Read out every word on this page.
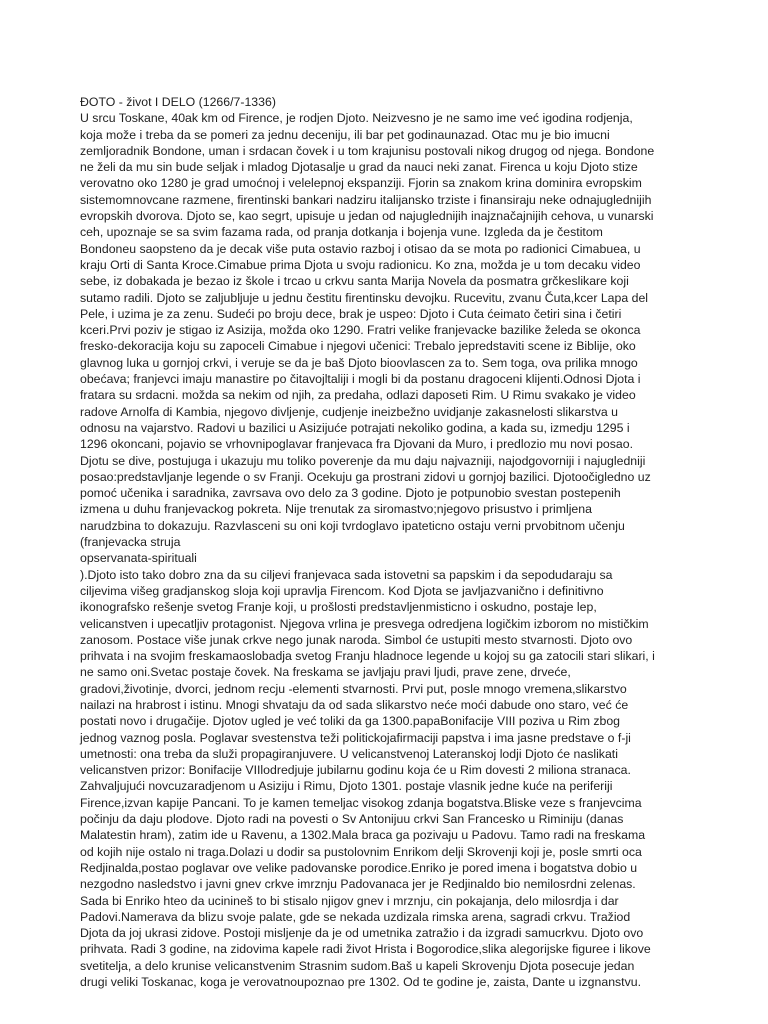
ĐOTO - život I DELO (1266/7-1336)
U srcu Toskane, 40ak km od Firence, je rodjen Djoto. Neizvesno je ne samo ime već igodina rodjenja,
koja može i treba da se pomeri za jednu deceniju, ili bar pet godinaunazad. Otac mu je bio imucni
zemljoradnik Bondone, uman i srdacan čovek i u tom krajunisu postovali nikog drugog od njega. Bondone
ne želi da mu sin bude seljak i mladog Djotasalje u grad da nauci neki zanat. Firenca u koju Djoto stize
verovatno oko 1280 je grad umoćnoj i velelepnoj ekspanziji. Fjorin sa znakom krina dominira evropskim
sistemomnovcane razmene, firentinski bankari nadziru italijansko trziste i finansiraju neke odnajuglednijih
evropskih dvorova. Djoto se, kao segrt, upisuje u jedan od najuglednijih inajznačajnijih cehova, u vunarski
ceh, upoznaje se sa svim fazama rada, od pranja dotkanja i bojenja vune. Izgleda da je čestitom
Bondoneu saopsteno da je decak više puta ostavio razboj i otisao da se mota po radionici Cimabuea, u
kraju Orti di Santa Kroce.Cimabue prima Djota u svoju radionicu. Ko zna, možda je u tom decaku video
sebe, iz dobakada je bezao iz škole i trcao u crkvu santa Marija Novela da posmatra grčkeslikare koji
sutamo radili. Djoto se zaljubljuje u jednu čestitu firentinsku devojku. Rucevitu, zvanu Čuta,kcer Lapa del
Pele, i uzima je za zenu. Sudeći po broju dece, brak je uspeo: Djoto i Cuta ćeimato četiri sina i četiri
kceri.Prvi poziv je stigao iz Asizija, možda oko 1290. Fratri velike franjevacke bazilike želeda se okonca
fresko-dekoracija koju su zapoceli Cimabue i njegovi učenici: Trebalo jepredstaviti scene iz Biblije, oko
glavnog luka u gornjoj crkvi, i veruje se da je baš Djoto bioovlascen za to. Sem toga, ova prilika mnogo
obećava; franjevci imaju manastire po čitavojltaliji i mogli bi da postanu dragoceni klijenti.Odnosi Djota i
fratara su srdacni. možda sa nekim od njih, za predaha, odlazi daposeti Rim. U Rimu svakako je video
radove Arnolfa di Kambia, njegovo divljenje, cudjenje ineizbežno uvidjanje zakasnelosti slikarstva u
odnosu na vajarstvo. Radovi u bazilici u Asizijuće potrajati nekoliko godina, a kada su, izmedju 1295 i
1296 okoncani, pojavio se vrhovnipoglavar franjevaca fra Djovani da Muro, i predlozio mu novi posao.
Djotu se dive, postujuga i ukazuju mu toliko poverenje da mu daju najvazniji, najodgovorniji i najugledniji
posao:predstavljanje legende o sv Franji. Ocekuju ga prostrani zidovi u gornjoj bazilici. Djotoočigledno uz
pomoć učenika i saradnika, zavrsava ovo delo za 3 godine. Djoto je potpunobio svestan postepenih
izmena u duhu franjevackog pokreta. Nije trenutak za siromastvo;njegovo prisustvo i primljena
narudzbina to dokazuju. Razvlasceni su oni koji tvrdoglavo ipateticno ostaju verni prvobitnom učenju
(franjevacka struja
opservanata-spirituali
).Djoto isto tako dobro zna da su ciljevi franjevaca sada istovetni sa papskim i da sepodudaraju sa
ciljevima višeg gradjanskog sloja koji upravlja Firencom. Kod Djota se javljazvanično i definitivno
ikonografsko rešenje svetog Franje koji, u prošlosti predstavljenmisticno i oskudno, postaje lep,
velicanstven i upecatljiv protagonist. Njegova vrlina je presvega odredjena logičkim izborom no mističkim
zanosom. Postace više junak crkve nego junak naroda. Simbol će ustupiti mesto stvarnosti. Djoto ovo
prihvata i na svojim freskamaoslobadja svetog Franju hladnoce legende u kojoj su ga zatocili stari slikari, i
ne samo oni.Svetac postaje čovek. Na freskama se javljaju pravi ljudi, prave zene, drveće,
gradovi,životinje, dvorci, jednom recju -elementi stvarnosti. Prvi put, posle mnogo vremena,slikarstvo
nailazi na hrabrost i istinu. Mnogi shvataju da od sada slikarstvo neće moći dabude ono staro, već će
postati novo i drugačije. Djotov ugled je već toliki da ga 1300.papaBonifacije VIII poziva u Rim zbog
jednog vaznog posla. Poglavar svestenstva teži politickojafirmaciji papstva i ima jasne predstave o f-ji
umetnosti: ona treba da služi propagiranjuvere. U velicanstvenoj Lateranskoj lodji Djoto će naslikati
velicanstven prizor: Bonifacije VIIlodredjuje jubilarnu godinu koja će u Rim dovesti 2 miliona stranaca.
Zahvaljujući novcuzaradjenom u Asiziju i Rimu, Djoto 1301. postaje vlasnik jedne kuće na periferiji
Firence,izvan kapije Pancani. To je kamen temeljac visokog zdanja bogatstva.Bliske veze s franjevcima
počinju da daju plodove. Djoto radi na povesti o Sv Antonijuu crkvi San Francesko u Riminiju (danas
Malatestin hram), zatim ide u Ravenu, a 1302.Mala braca ga pozivaju u Padovu. Tamo radi na freskama
od kojih nije ostalo ni traga.Dolazi u dodir sa pustolovnim Enrikom delji Skrovenji koji je, posle smrti oca
Redjinalda,postao poglavar ove velike padovanske porodice.Enriko je pored imena i bogatstva dobio u
nezgodno nasledstvo i javni gnev crkve imrznju Padovanaca jer je Redjinaldo bio nemilosrdni zelenas.
Sada bi Enriko hteo da ucinineš to bi stisalo njigov gnev i mrznju, cin pokajanja, delo milosrdja i dar
Padovi.Namerava da blizu svoje palate, gde se nekada uzdizala rimska arena, sagradi crkvu. Tražiod
Djota da joj ukrasi zidove. Postoji misljenje da je od umetnika zatražio i da izgradi samucrkvu. Djoto ovo
prihvata. Radi 3 godine, na zidovima kapele radi život Hrista i Bogorodice,slika alegorijske figuree i likove
svetitelja, a delo krunise velicanstvenim Strasnim sudom.Baš u kapeli Skrovenju Djota posecuje jedan
drugi veliki Toskanac, koga je verovatnoupoznao pre 1302. Od te godine je, zaista, Dante u izgnanstvu.
